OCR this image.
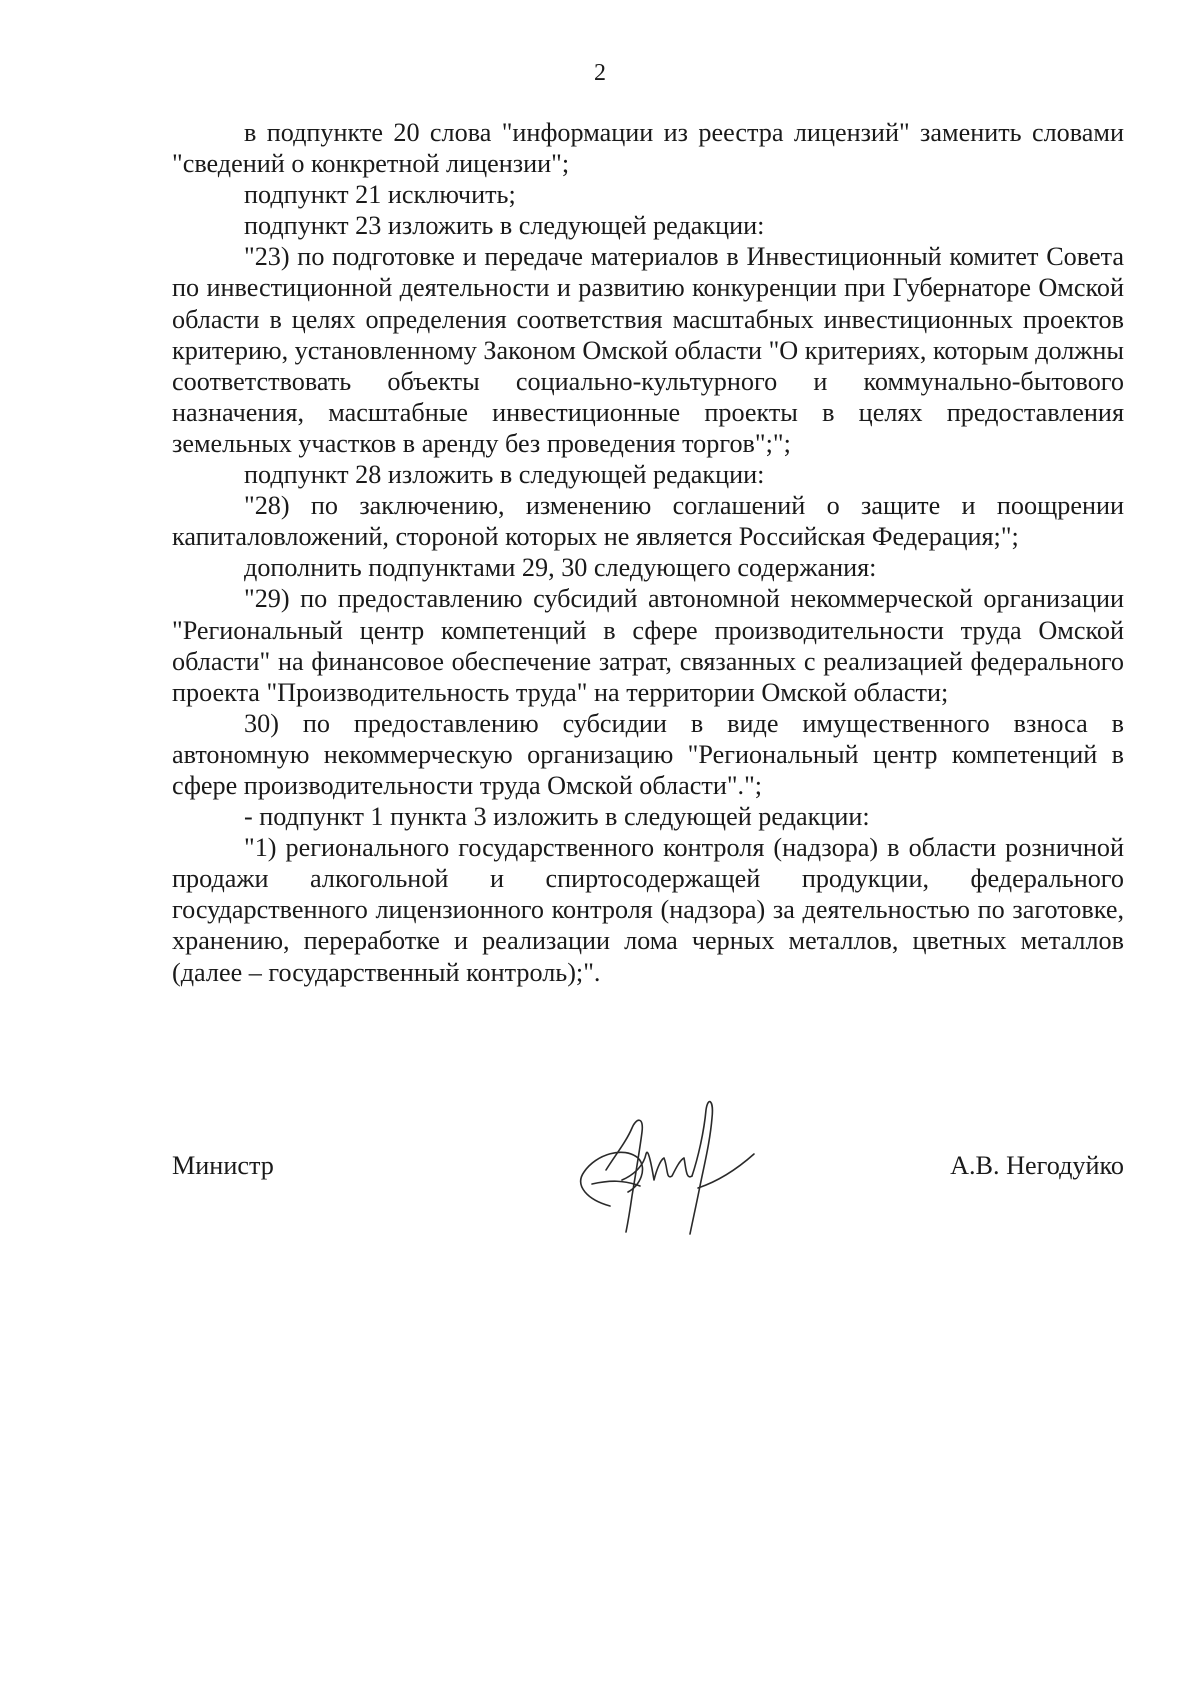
2

в подпункте 20 слова "информации из реестра лицензий" заменить словами "сведений о конкретной лицензии";

подпункт 21 исключить;

подпункт 23 изложить в следующей редакции:

"23) по подготовке и передаче материалов в Инвестиционный комитет Совета по инвестиционной деятельности и развитию конкуренции при Губернаторе Омской области в целях определения соответствия масштабных инвестиционных проектов критерию, установленному Законом Омской области "О критериях, которым должны соответствовать объекты социально-культурного и коммунально-бытового назначения, масштабные инвестиционные проекты в целях предоставления земельных участков в аренду без проведения торгов";";

подпункт 28 изложить в следующей редакции:

"28) по заключению, изменению соглашений о защите и поощрении капиталовложений, стороной которых не является Российская Федерация;";

дополнить подпунктами 29, 30 следующего содержания:

"29) по предоставлению субсидий автономной некоммерческой организации "Региональный центр компетенций в сфере производительности труда Омской области" на финансовое обеспечение затрат, связанных с реализацией федерального проекта "Производительность труда" на территории Омской области;

30) по предоставлению субсидии в виде имущественного взноса в автономную некоммерческую организацию "Региональный центр компетенций в сфере производительности труда Омской области".";

- подпункт 1 пункта 3 изложить в следующей редакции:

"1) регионального государственного контроля (надзора) в области розничной продажи алкогольной и спиртосодержащей продукции, федерального государственного лицензионного контроля (надзора) за деятельностью по заготовке, хранению, переработке и реализации лома черных металлов, цветных металлов (далее – государственный контроль);".

Министр	А.В. Негодуйко
